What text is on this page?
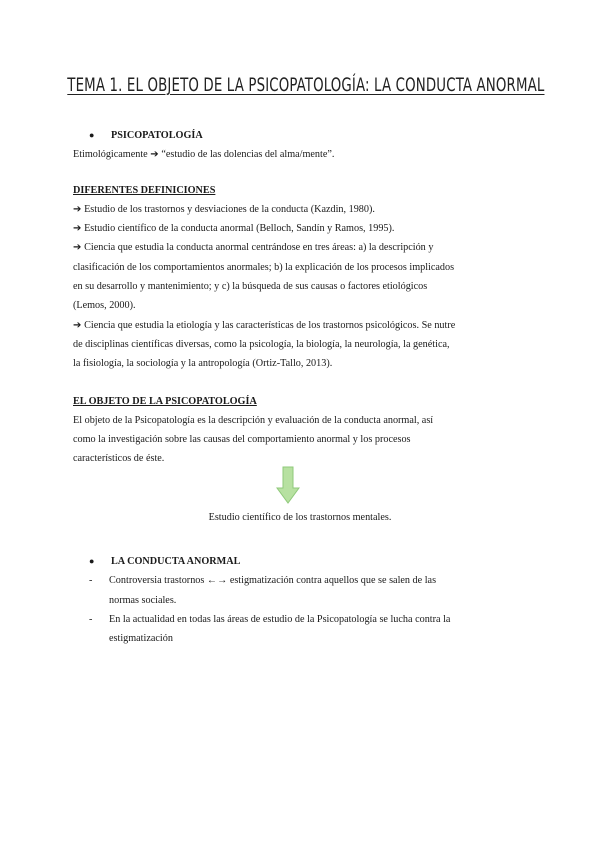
TEMA 1. EL OBJETO DE LA PSICOPATOLOGÍA: LA CONDUCTA ANORMAL
● PSICOPATOLOGÍA
Etimológicamente ➔ “estudio de las dolencias del alma/mente”.
DIFERENTES DEFINICIONES
➔ Estudio de los trastornos y desviaciones de la conducta (Kazdin, 1980).
➔ Estudio científico de la conducta anormal (Belloch, Sandín y Ramos, 1995).
➔ Ciencia que estudia la conducta anormal centrándose en tres áreas: a) la descripción y
clasificación de los comportamientos anormales; b) la explicación de los procesos implicados
en su desarrollo y mantenimiento; y c) la búsqueda de sus causas o factores etiológicos
(Lemos, 2000).
➔ Ciencia que estudia la etiología y las características de los trastornos psicológicos. Se nutre
de disciplinas científicas diversas, como la psicología, la biología, la neurología, la genética,
la fisiología, la sociología y la antropología (Ortiz-Tallo, 2013).
EL OBJETO DE LA PSICOPATOLOGÍA
El objeto de la Psicopatología es la descripción y evaluación de la conducta anormal, así
como la investigación sobre las causas del comportamiento anormal y los procesos
característicos de éste.
Estudio científico de los trastornos mentales.
● LA CONDUCTA ANORMAL
- Controversia trastornos ←→ estigmatización contra aquellos que se salen de las
normas sociales.
- En la actualidad en todas las áreas de estudio de la Psicopatología se lucha contra la
estigmatización
